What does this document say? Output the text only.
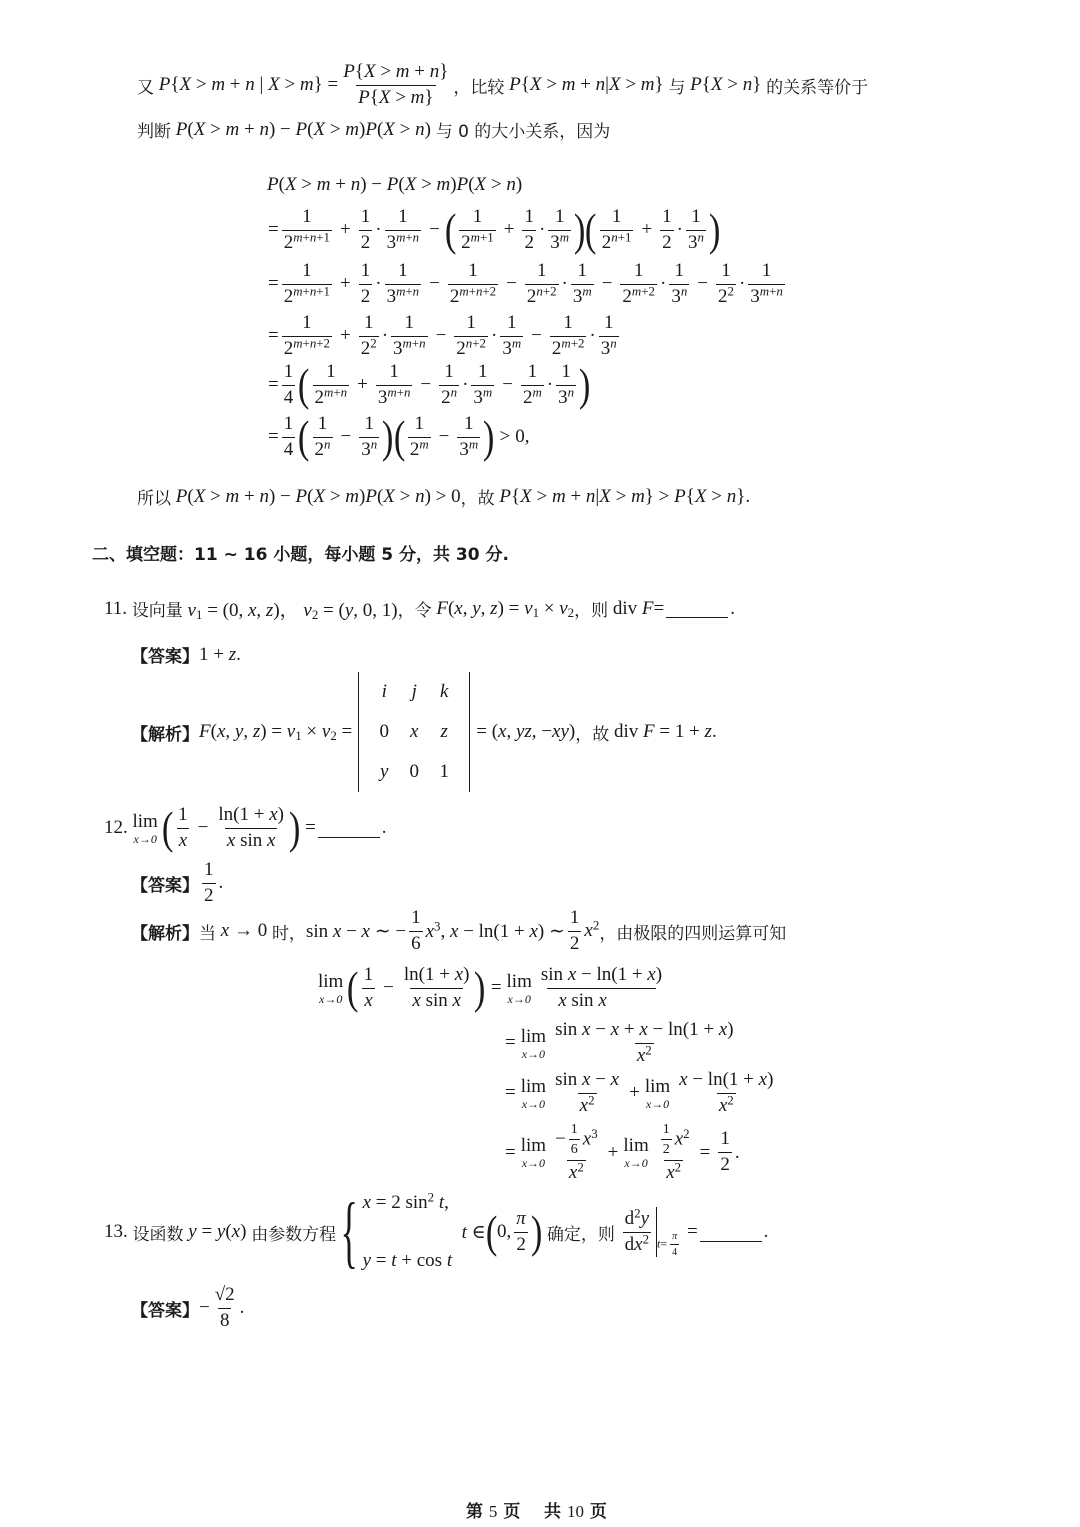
又
P{X > m + n | $X > m\} = \frac{P\{X > m + n\}}{P\{X > m\}}$ ，比较
P{X > m + n|X > m}
与
P{X > n}
的关系等价于
判断
P(X > m + n) − P(X > m)P(X > n)
与 0 的大小关系，因为
P(X > m + n) − P(X > m)P(X > n)
= $\frac{1}{2^{m+n+1}} + \frac{1}{2} \cdot \frac{1}{3^{m+n}}$ − ( $\frac{1}{2^{m+1}} + \frac{1}{2} \cdot \frac{1}{3^m}$ ) ( $\frac{1}{2^{n+1}} + \frac{1}{2} \cdot \frac{1}{3^n}$ )
= $\frac{1}{2^{m+n+1}} + \frac{1}{2} \cdot \frac{1}{3^{m+n}} - \frac{1}{2^{m+n+2}} - \frac{1}{2^{n+2}} \cdot \frac{1}{3^m} - \frac{1}{2^{m+2}} \cdot \frac{1}{3^n} - \frac{1}{2^2} \cdot \frac{1}{3^{m+n}}$
= $\frac{1}{2^{m+n+2}} + \frac{1}{2^2} \cdot \frac{1}{3^{m+n}} - \frac{1}{2^{n+2}} \cdot \frac{1}{3^m} - \frac{1}{2^{m+2}} \cdot \frac{1}{3^n}$
= $\frac{1}{4}$ ( $\frac{1}{2^{m+n}} + \frac{1}{3^{m+n}} - \frac{1}{2^n} \cdot \frac{1}{3^m} - \frac{1}{2^m} \cdot \frac{1}{3^n}$ )
= $\frac{1}{4}$ ( $\frac{1}{2^n} - \frac{1}{3^n}$ ) ( $\frac{1}{2^m} - \frac{1}{3^m}$ ) > 0,
所以
P(X > m + n) − P(X > m)P(X > n) > 0 ，故
P{X > m + n|X > m} > P{X > n}.
二、填空题：11 ~ 16 小题，每小题 5 分，共 30 分.
11.
设向量
$v_1 = (0$, x, z)， $v_2 = (y$, 0, 1) ，令
F(x, y, $z) = v_1 \times v_2$ ，则
div F=	.
【答案】 1 + z.
【解析】 F(x, y, $z) = v_1 \times v_2$ =
i j k
0 x z
y 0 1
= (x, yz, −xy) ，故
div F = 1 + z.
12.
lim
x→0 ( $\frac{1}{x} - \frac{\ln(1 + x)}{\text{x sin x}}$ ) =	.
【答案】 $\frac{1}{2}$ .
【解析】 当
x → 0
时， sin x − x ∼ − $\frac{1}{6} x^3$, x − ln(1 + x) ∼ $\frac{1}{2} x^2$ ，由极限的四则运算可知
lim
x→0 ( $\frac{1}{x} - \frac{\ln(1 + x)}{\text{x sin x}}$ ) = lim
$x\to 0 \frac{\text{sin x − ln(1 + x)}}{\text{x sin x}}$
= lim
$x\to 0 \frac{\text{sin x − x + x − ln(1 + x)}}{x^2}$
= lim
$x\to 0 \frac{\text{sin x − x}}{x^2} + \lim$
$x\to 0 \frac{x - \ln(1 + x)}{x^2}$
= lim
$x\to 0 \frac{- \frac{1}{6} x^3}{x^2} + \lim$
$x\to 0 \frac{\frac{1}{2} x^2}{x^2} = \frac{1}{2}$ .
13.
设函数
y = y(x)
由参数方程 { x = 2 $\sin^2 t$,
y = t + cos t

t ∈ ( 0, $\frac{\pi}{2}$ )
确定，则
$\frac{d^2y}{dx^2} t= \frac{\pi}{4}$ =	.
【答案】 − $\frac{√2}{8}$ .
第 5 页 共 10 页
